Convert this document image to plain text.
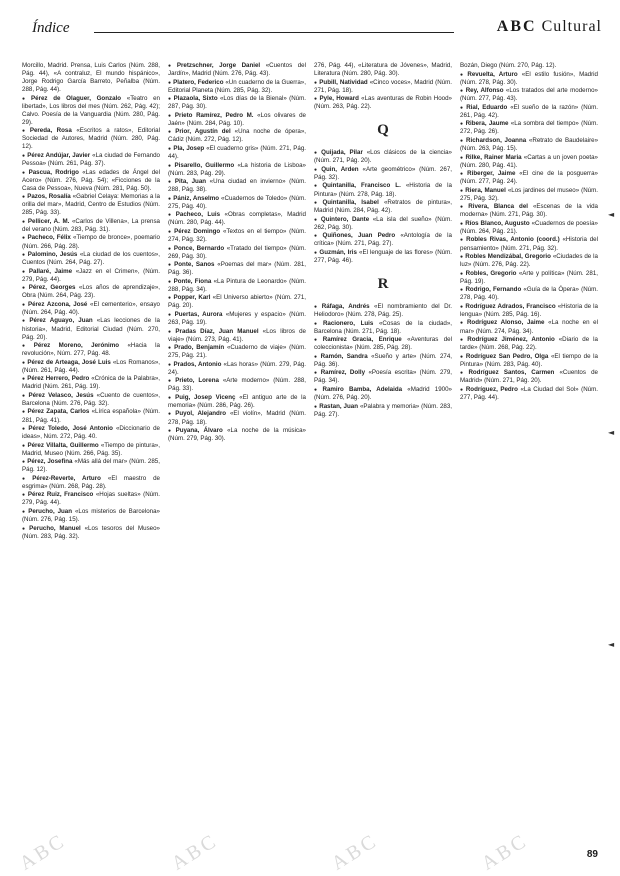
Índice	ABC Cultural

Morcillo, Madrid. Prensa, Luis Carlos (Núm. 288, Pág. 44), «A contraluz, El mundo hispánico», Jorge Rodrigo García Barreto, Peñalba (Núm. 288, Pág. 44).

● Pérez de Olaguer, Gonzalo «Teatro en libertad», Los libros del mes (Núm. 262, Pág. 42); Calvo. Poesía de la Vanguardia (Núm. 280, Pág. 29).

● Pereda, Rosa «Escritos a ratos», Editorial Sociedad de Autores, Madrid (Núm. 280, Pág. 12).

● Pérez Andújar, Javier «La ciudad de Fernando Pessoa» (Núm. 261, Pág. 37).

● Pascua, Rodrigo «Las edades de Ángel del Acero» (Núm. 276, Pág. 54); «Ficciones de la Casa de Pessoa», Nueva (Núm. 281, Pág. 50).

● Pazos, Rosalía «Gabriel Celaya: Memorias a la orilla del mar», Madrid, Centro de Estudios (Núm. 285, Pág. 33).

● Pellicer, A. M. «Carlos de Villena», La prensa del verano (Núm. 283, Pág. 31).

● Pacheco, Félix «Tiempo de bronce», poemario (Núm. 266, Pág. 28).

● Palomino, Jesús «La ciudad de los cuentos», Cuentos (Núm. 264, Pág. 27).

● Pallaré, Jaime «Jazz en el Crimen», (Núm. 279, Pág. 44).

● Pérez, Georges «Los años de aprendizaje», Obra (Núm. 264, Pág. 23).

● Pérez Azcona, José «El cementerio», ensayo (Núm. 264, Pág. 40).

● Pérez Aguayo, Juan «Las lecciones de la historia», Madrid, Editorial Ciudad (Núm. 270, Pág. 20).

● Pérez Moreno, Jerónimo «Hacia la revolución», Núm. 277, Pág. 48.

● Pérez de Arteaga, José Luis «Los Romanos», (Núm. 261, Pág. 44).

● Pérez Herrero, Pedro «Crónica de la Palabra», Madrid (Núm. 261, Pág. 19).

● Pérez Velasco, Jesús «Cuento de cuentos», Barcelona (Núm. 276, Pág. 32).

● Pérez Zapata, Carlos «Lírica española» (Núm. 281, Pág. 41).

● Pérez Toledo, José Antonio «Diccionario de ideas», Núm. 272, Pág. 40.

● Pérez Villalta, Guillermo «Tiempo de pintura», Madrid, Museo (Núm. 266, Pág. 35).

● Pérez, Josefina «Más allá del mar» (Núm. 285, Pág. 12).

● Pérez-Reverte, Arturo «El maestro de esgrima» (Núm. 268, Pág. 28).

● Pérez Ruiz, Francisco «Hojas sueltas» (Núm. 279, Pág. 44).

● Perucho, Juan «Los misterios de Barcelona» (Núm. 276, Pág. 15).

● Perucho, Manuel «Los tesoros del Museo» (Núm. 283, Pág. 32).

● Pretzschner, Jorge Daniel «Cuentos del Jardín», Madrid (Núm. 276, Pág. 43).

● Platero, Federico «Un cuaderno de la Guerra», Editorial Planeta (Núm. 285, Pág. 32).

● Plazaola, Sixto «Los días de la Bienal» (Núm. 287, Pág. 30).

● Prieto Ramírez, Pedro M. «Los olivares de Jaén» (Núm. 284, Pág. 10).

● Prior, Agustín del «Una noche de ópera», Cádiz (Núm. 272, Pág. 12).

● Pla, Josep «El cuaderno gris» (Núm. 271, Pág. 44).

● Pisarello, Guillermo «La historia de Lisboa» (Núm. 283, Pág. 29).

● Pita, Juan «Una ciudad en invierno» (Núm. 288, Pág. 38).

● Pániz, Anselmo «Cuadernos de Toledo» (Núm. 275, Pág. 40).

● Pacheco, Luis «Obras completas», Madrid (Núm. 280, Pág. 44).

● Pérez Domingo «Textos en el tiempo» (Núm. 274, Pág. 32).

● Ponce, Bernardo «Tratado del tiempo» (Núm. 269, Pág. 30).

● Ponte, Sanos «Poemas del mar» (Núm. 281, Pág. 36).

● Ponte, Fiona «La Pintura de Leonardo» (Núm. 288, Pág. 34).

● Popper, Karl «El Universo abierto» (Núm. 271, Pág. 20).

● Puertas, Aurora «Mujeres y espacio» (Núm. 263, Pág. 19).

● Pradas Díaz, Juan Manuel «Los libros de viaje» (Núm. 273, Pág. 41).

● Prado, Benjamín «Cuaderno de viaje» (Núm. 275, Pág. 21).

● Prados, Antonio «Las horas» (Núm. 279, Pág. 24).

● Prieto, Lorena «Arte moderno» (Núm. 288, Pág. 33).

● Puig, Josep Vicenç «El antiguo arte de la memoria» (Núm. 286, Pág. 26).

● Puyol, Alejandro «El violín», Madrid (Núm. 278, Pág. 18).

● Puyana, Álvaro «La noche de la música» (Núm. 279, Pág. 30).

276, Pág. 44), «Literatura de Jóvenes», Madrid, Literatura (Núm. 280, Pág. 30).

● Pubill, Natividad «Cinco voces», Madrid (Núm. 271, Pág. 18).

● Pyle, Howard «Las aventuras de Robin Hood» (Núm. 263, Pág. 22).

Q

● Quijada, Pilar «Los clásicos de la ciencia» (Núm. 271, Pág. 20).

● Quin, Arden «Arte geométrico» (Núm. 267, Pág. 32).

● Quintanilla, Francisco L. «Historia de la Pintura» (Núm. 278, Pág. 18).

● Quintanilla, Isabel «Retratos de pintura», Madrid (Núm. 284, Pág. 42).

● Quintero, Dante «La isla del sueño» (Núm. 262, Pág. 30).

● Quiñones, Juan Pedro «Antología de la crítica» (Núm. 271, Pág. 27).

● Guzmán, Iris «El lenguaje de las flores» (Núm. 277, Pág. 46).

R

● Ráfaga, Andrés «El nombramiento del Dr. Heliodoro» (Núm. 278, Pág. 25).

● Racionero, Luis «Cosas de la ciudad», Barcelona (Núm. 271, Pág. 18).

● Ramírez Gracia, Enrique «Aventuras del coleccionista» (Núm. 285, Pág. 28).

● Ramón, Sandra «Sueño y arte» (Núm. 274, Pág. 36).

● Ramírez, Dolly «Poesía escrita» (Núm. 279, Pág. 34).

● Ramiro Bamba, Adelaida «Madrid 1900» (Núm. 276, Pág. 20).

● Rastan, Juan «Palabra y memoria» (Núm. 283, Pág. 27).

Bozán, Diego (Núm. 270, Pág. 12).

● Revuelta, Arturo «El estilo fusión», Madrid (Núm. 278, Pág. 30).

● Rey, Alfonso «Los tratados del arte moderno» (Núm. 277, Pág. 43).

● Rial, Eduardo «El sueño de la razón» (Núm. 261, Pág. 42).

● Ribera, Jaume «La sombra del tiempo» (Núm. 272, Pág. 26).

● Richardson, Joanna «Retrato de Baudelaire» (Núm. 263, Pág. 15).

● Rilke, Rainer Maria «Cartas a un joven poeta» (Núm. 280, Pág. 41).

● Riberger, Jaime «El cine de la posguerra» (Núm. 277, Pág. 24).

● Riera, Manuel «Los jardines del museo» (Núm. 275, Pág. 32).

● Rivera, Blanca del «Escenas de la vida moderna» (Núm. 271, Pág. 30).

● Ríos Blanco, Augusto «Cuadernos de poesía» (Núm. 264, Pág. 21).

● Robles Rivas, Antonio (coord.) «Historia del pensamiento» (Núm. 271, Pág. 32).

● Robles Mendizábal, Gregorio «Ciudades de la luz» (Núm. 276, Pág. 22).

● Robles, Gregorio «Arte y política» (Núm. 281, Pág. 19).

● Rodrigo, Fernando «Guía de la Ópera» (Núm. 278, Pág. 40).

● Rodríguez Adrados, Francisco «Historia de la lengua» (Núm. 285, Pág. 16).

● Rodríguez Alonso, Jaime «La noche en el mar» (Núm. 274, Pág. 34).

● Rodríguez Jiménez, Antonio «Diario de la tarde» (Núm. 268, Pág. 22).

● Rodríguez San Pedro, Olga «El tiempo de la Pintura» (Núm. 283, Pág. 40).

● Rodríguez Santos, Carmen «Cuentos de Madrid» (Núm. 271, Pág. 20).

● Rodríguez, Pedro «La Ciudad del Sol» (Núm. 277, Pág. 44).

◄
◄
◄
ABC	ABC	ABC	ABC	89
